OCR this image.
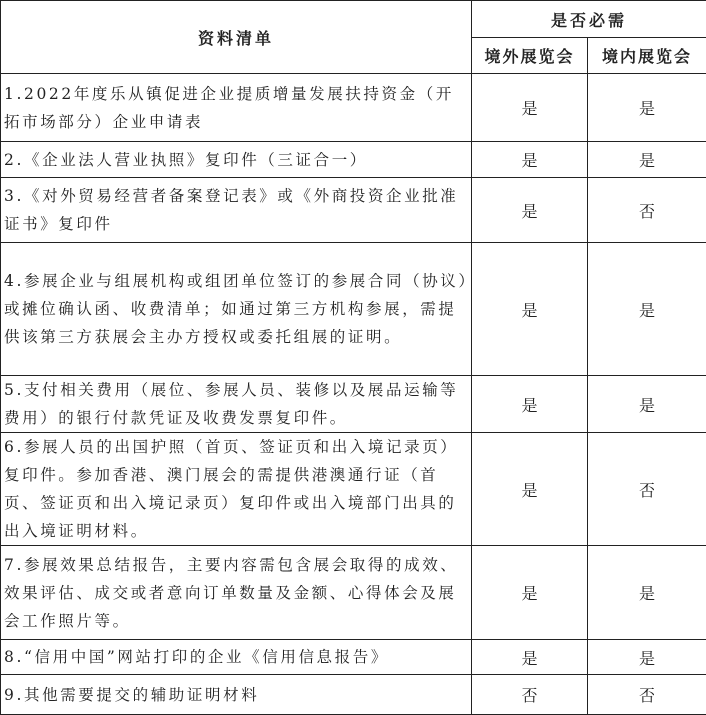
资料清单	是否必需	
	境外展览会	境内展览会
1.2022年度乐从镇促进企业提质增量发展扶持资金（开拓市场部分）企业申请表	是	是
2.《企业法人营业执照》复印件（三证合一）	是	是
3.《对外贸易经营者备案登记表》或《外商投资企业批准证书》复印件	是	否
4.参展企业与组展机构或组团单位签订的参展合同（协议）或摊位确认函、收费清单；如通过第三方机构参展，需提供该第三方获展会主办方授权或委托组展的证明。	是	是
5.支付相关费用（展位、参展人员、装修以及展品运输等费用）的银行付款凭证及收费发票复印件。	是	是
6.参展人员的出国护照（首页、签证页和出入境记录页）复印件。参加香港、澳门展会的需提供港澳通行证（首页、签证页和出入境记录页）复印件或出入境部门出具的出入境证明材料。	是	否
7.参展效果总结报告，主要内容需包含展会取得的成效、效果评估、成交或者意向订单数量及金额、心得体会及展会工作照片等。	是	是
8.“信用中国”网站打印的企业《信用信息报告》	是	是
9.其他需要提交的辅助证明材料	否	否
